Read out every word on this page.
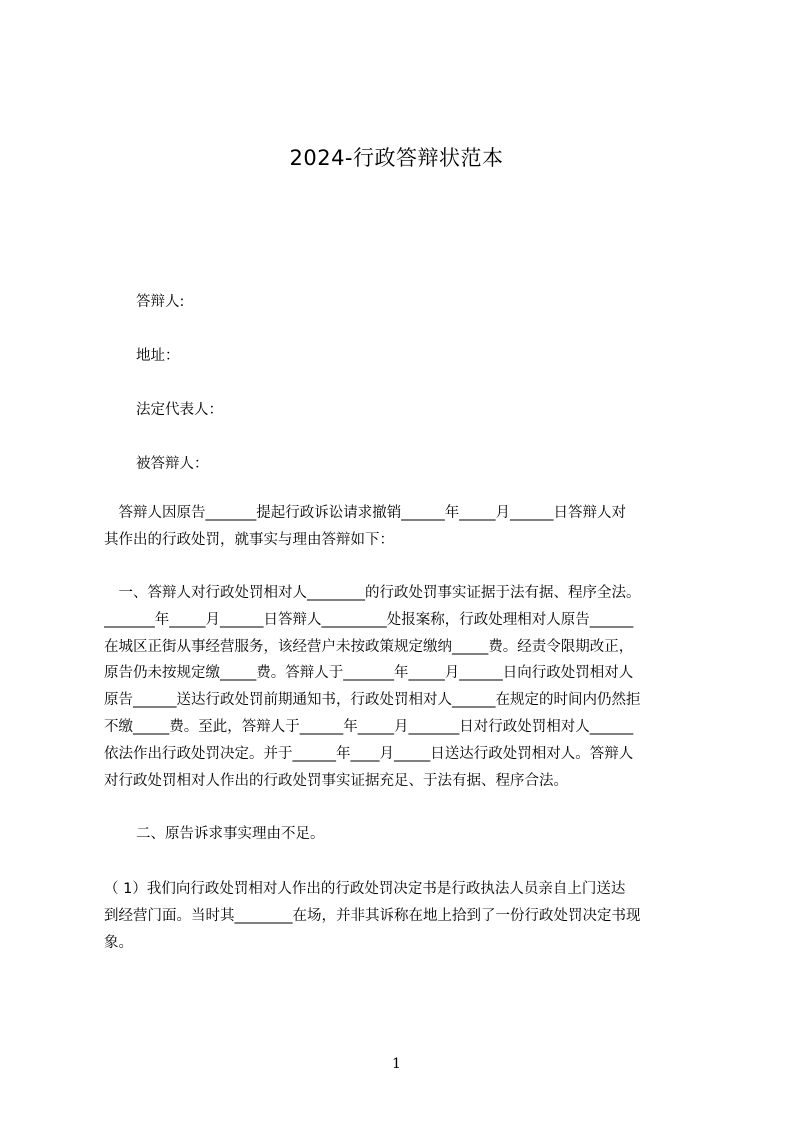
2024-行政答辩状范本

答辩人:

地址：

法定代表人：

被答辩人：

　答辩人因原告_______提起行政诉讼请求撤销______年_____月______日答辩人对
其作出的行政处罚，就事实与理由答辩如下：
　一、答辩人对行政处罚相对人________的行政处罚事实证据于法有据、程序全法。
_______年_____月______日答辩人_________处报案称，行政处理相对人原告______
在城区正街从事经营服务，该经营户未按政策规定缴纳_____费。经责令限期改正，
原告仍未按规定缴_____费。答辩人于_______年_____月______日向行政处罚相对人
原告______送达行政处罚前期通知书，行政处罚相对人______在规定的时间内仍然拒
不缴_____费。至此，答辩人于______年_____月_______日对行政处罚相对人______
依法作出行政处罚决定。并于______年____月_____日送达行政处罚相对人。答辩人
对行政处罚相对人作出的行政处罚事实证据充足、于法有据、程序合法。

二、原告诉求事实理由不足。

（ 1）我们向行政处罚相对人作出的行政处罚决定书是行政执法人员亲自上门送达
到经营门面。当时其________在场，并非其诉称在地上拾到了一份行政处罚决定书现
象。

1
